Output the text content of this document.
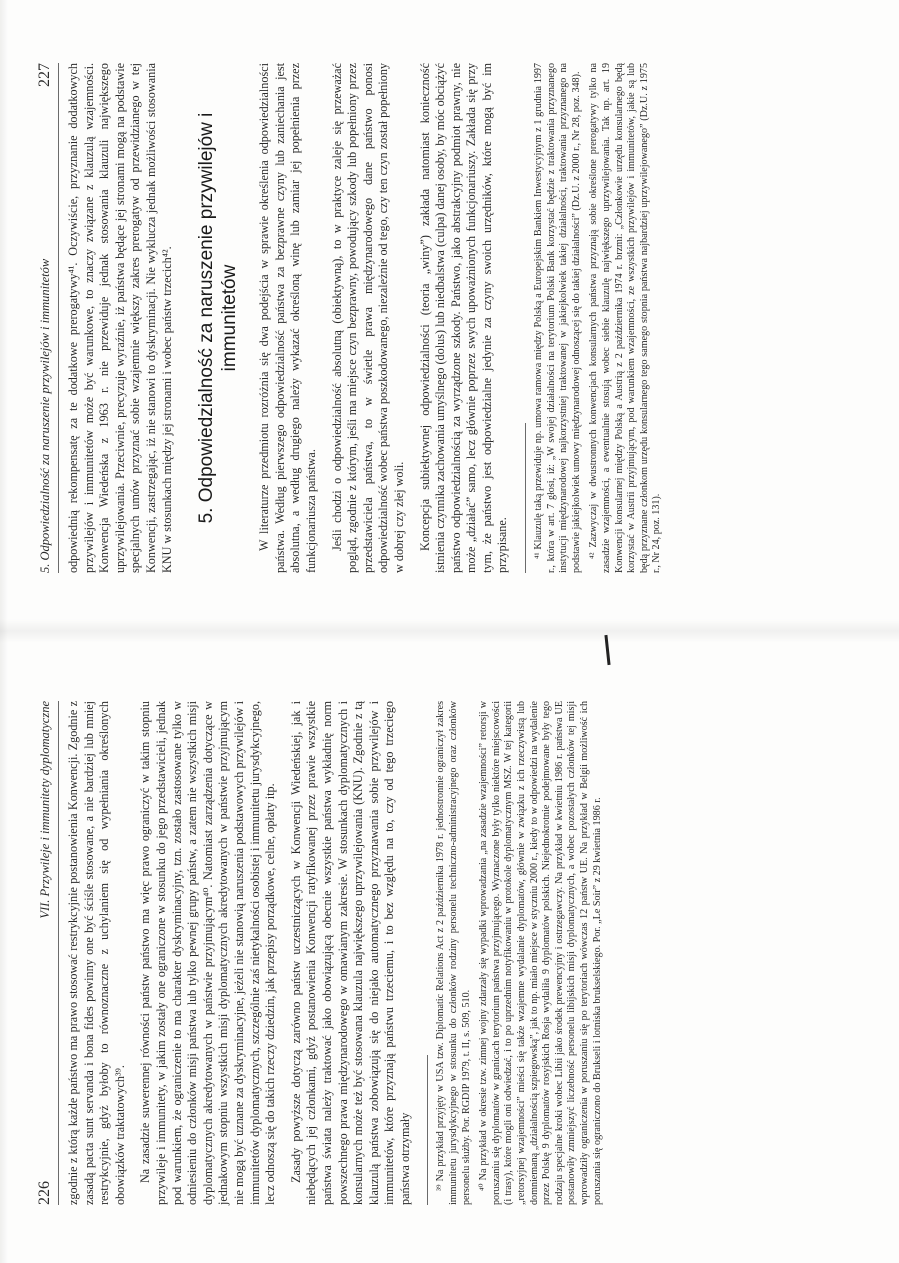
226
VII. Przywileje i immunitety dyplomatyczne	zgodnie z którą każde państwo ma prawo stosować restrykcyjnie postanowienia Konwencji. Zgodnie z zasadą pacta sunt servanda i bona fides powinny one być ściśle stosowane, a nie bardziej lub mniej restrykcyjnie, gdyż byłoby to równoznaczne z uchylaniem się od wypełniania określonych obowiązków traktatowych³⁹. Na zasadzie suwerennej równości państw państwo ma więc prawo ograniczyć w takim stopniu przywileje i immunitety, w jakim zostały one ograniczone w stosunku do jego przedstawicieli, jednak pod warunkiem, że ograniczenie to ma charakter dyskryminacyjny, tzn. zostało zastosowane tylko w odniesieniu do członków misji państwa lub tylko pewnej grupy państw, a zatem nie wszystkich misji dyplomatycznych akredytowanych w państwie przyjmującym⁴⁰. Natomiast zarządzenia dotyczące w jednakowym stopniu wszystkich misji dyplomatycznych akredytowanych w państwie przyjmującym nie mogą być uznane za dyskryminacyjne, jeżeli nie stanowią naruszenia podstawowych przywilejów i immunitetów dyplomatycznych, szczególnie zaś nietykalności osobistej i immunitetu jurysdykcyjnego, lecz odnoszą się do takich rzeczy dziedzin, jak przepisy porządkowe, celne, opłaty itp. Zasady powyższe dotyczą zarówno państw uczestniczących w Konwencji Wiedeńskiej, jak i niebędących jej członkami, gdyż postanowienia Konwencji ratyfikowanej przez prawie wszystkie państwa świata należy traktować jako obowiązującą obecnie wszystkie państwa wykładnię norm powszechnego prawa międzynarodowego w omawianym zakresie. W stosunkach dyplomatycznych i konsularnych może też być stosowana klauzula największego uprzywilejowania (KNU). Zgodnie z tą klauzulą państwa zobowiązują się do niejako automatycznego przyznawania sobie przywilejów i immunitetów, które przyznają państwu trzeciemu, i to bez względu na to, czy od tego trzeciego państwa otrzymały ³⁹ Na przykład przyjęty w USA tzw. Diplomatic Relations Act z 2 października 1978 r. jednostronnie ograniczył zakres immunitetu jurysdykcyjnego w stosunku do członków rodziny personelu techniczno-administracyjnego oraz członków personelu służby. Por. RGDIP 1979, t. II, s. 509, 510. ⁴⁰ Na przykład w okresie tzw. zimnej wojny zdarzały się wypadki wprowadzania „na zasadzie wzajemności” retorsji w poruszaniu się dyplomatów w granicach terytorium państwa przyjmującego. Wyznaczone były tylko niektóre miejscowości (i trasy), które mogli oni odwiedzać, i to po uprzednim notyfikowaniu w protokole dyplomatycznym MSZ. W tej kategorii „retorsyjnej wzajemności” mieści się także wzajemne wydalanie dyplomatów, głównie w związku z ich rzeczywistą lub domniemaną „działalnością szpiegowską”, jak to np. miało miejsce w styczniu 2000 r., kiedy to w odpowiedzi na wydalenie przez Polskę 9 dyplomatów rosyjskich Rosja wydaliła 9 dyplomatów polskich. Niejednokrotnie podejmowane były tego rodzaju specjalne kroki wobec Libii jako środek prewencyjny i ostrzegawczy. Na przykład w kwietniu 1986 r. państwa UE postanowiły zmniejszyć liczebność personelu libijskich misji dyplomatycznych, a wobec pozostałych członków tej misji wprowadziły ograniczenia w poruszaniu się po terytoriach wówczas 12 państw UE. Na przykład w Belgii możliwość ich poruszania się ograniczono do Brukseli i lotniska brukselskiego. Por. „Le Soir” z 29 kwietnia 1986 r.

5. Odpowiedzialność za naruszenie przywilejów i immunitetów
227 odpowiednią rekompensatę za te dodatkowe prerogatywy⁴¹. Oczywiście, przyznanie dodatkowych przywilejów i immunitetów może być warunkowe, to znaczy związane z klauzulą wzajemności. Konwencja Wiedeńska z 1963 r. nie przewiduje jednak stosowania klauzuli największego uprzywilejowania. Przeciwnie, precyzuje wyraźnie, iż państwa będące jej stronami mogą na podstawie specjalnych umów przyznać sobie wzajemnie większy zakres prerogatyw od przewidzianego w tej Konwencji, zastrzegając, iż nie stanowi to dyskryminacji. Nie wyklucza jednak możliwości stosowania KNU w stosunkach między jej stronami i wobec państw trzecich⁴². 5. Odpowiedzialność za naruszenie przywilejów i immunitetów W literaturze przedmiotu rozróżnia się dwa podejścia w sprawie określenia odpowiedzialności państwa. Według pierwszego odpowiedzialność państwa za bezprawne czyny lub zaniechania jest absolutna, a według drugiego należy wykazać określoną winę lub zamiar jej popełnienia przez funkcjonariusza państwa. Jeśli chodzi o odpowiedzialność absolutną (obiektywną), to w praktyce zaleje się przeważać pogląd, zgodnie z którym, jeśli ma miejsce czyn bezprawny, powodujący szkody lub popełniony przez przedstawiciela państwa, to w świetle prawa międzynarodowego dane państwo ponosi odpowiedzialność wobec państwa poszkodowanego, niezależnie od tego, czy ten czyn został popełniony w dobrej czy złej woli. Koncepcja subiektywnej odpowiedzialności (teoria „winy”) zakłada natomiast konieczność istnienia czynnika zachowania umyślnego (dolus) lub niedbalstwa (culpa) danej osoby, by móc obciążyć państwo odpowiedzialnością za wyrządzone szkody. Państwo, jako abstrakcyjny podmiot prawny, nie może „działać” samo, lecz głównie poprzez swych upoważnionych funkcjonariuszy. Zakłada się przy tym, że państwo jest odpowiedzialne jedynie za czyny swoich urzędników, które mogą być im przypisane. ⁴¹ Klauzulę taką przewiduje np. umowa ramowa między Polską a Europejskim Bankiem Inwestycyjnym z 1 grudnia 1997 r., która w art. 7 głosi, iż: „W swojej działalności na terytorium Polski Bank korzystać będzie z traktowania przyznanego instytucji międzynarodowej najkorzystniej traktowanej w jakiejkolwiek takiej działalności, traktowania przyznanego na podstawie jakiejkolwiek umowy międzynarodowej odnoszącej się do takiej działalności” (Dz.U. z 2000 r., Nr 28, poz. 348). ⁴² Zazwyczaj w dwustronnych konwencjach konsularnych państwa przyznają sobie określone prerogatywy tylko na zasadzie wzajemności, a ewentualnie stosują wobec siebie klauzulę największego uprzywilejowania. Tak np. art. 19 Konwencji konsularnej między Polską a Austrią z 2 października 1974 r. brzmi: „Członkowie urzędu konsularnego będą korzystać w Austrii przyjmującym, pod warunkiem wzajemności, ze wszystkich przywilejów i immunitetów, jakie są lub będą przyznane członkom urzędu konsularnego tego samego stopnia państwa najbardziej uprzywilejowanego” (Dz.U. z 1975 r., Nr 24, poz. 131).
